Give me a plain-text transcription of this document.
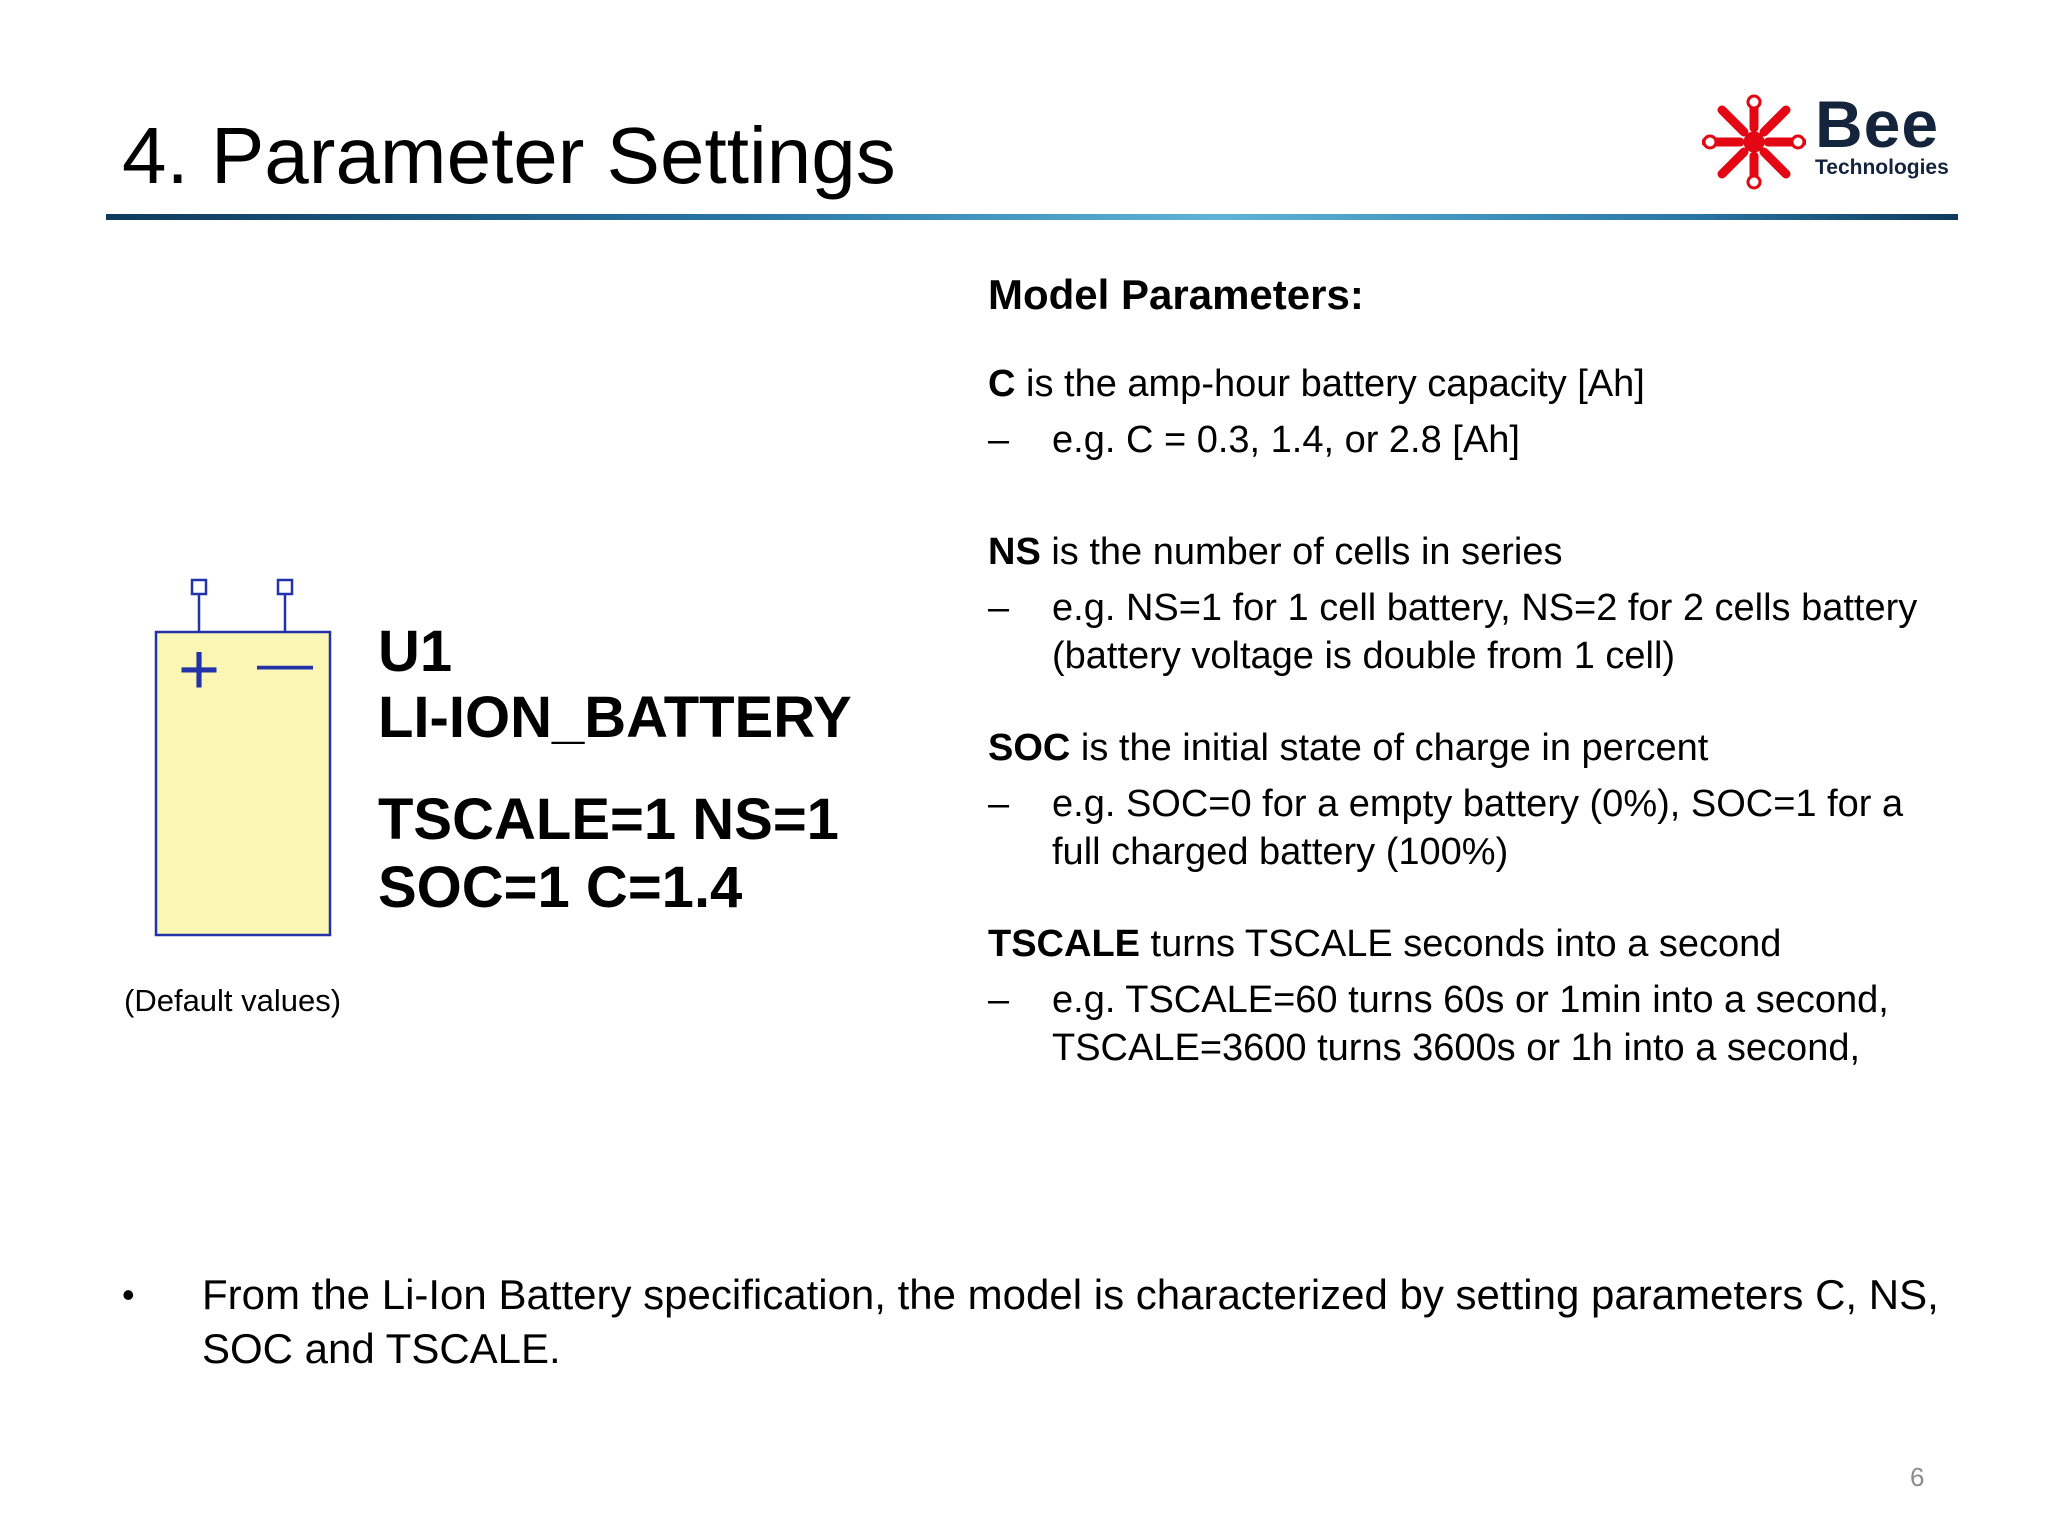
4. Parameter Settings	Bee
Technologies
+ — U1
LI-ION_BATTERY
TSCALE=1 NS=1
SOC=1 C=1.4
(Default values)
Model Parameters:
C is the amp-hour battery capacity [Ah]
– e.g. C = 0.3, 1.4, or 2.8 [Ah]
NS is the number of cells in series
– e.g. NS=1 for 1 cell battery, NS=2 for 2 cells battery (battery voltage is double from 1 cell)
SOC is the initial state of charge in percent
– e.g. SOC=0 for a empty battery (0%), SOC=1 for a full charged battery (100%)
TSCALE turns TSCALE seconds into a second
– e.g. TSCALE=60 turns 60s or 1min into a second, TSCALE=3600 turns 3600s or 1h into a second,
• From the Li-Ion Battery specification, the model is characterized by setting parameters C, NS, SOC and TSCALE.
6
